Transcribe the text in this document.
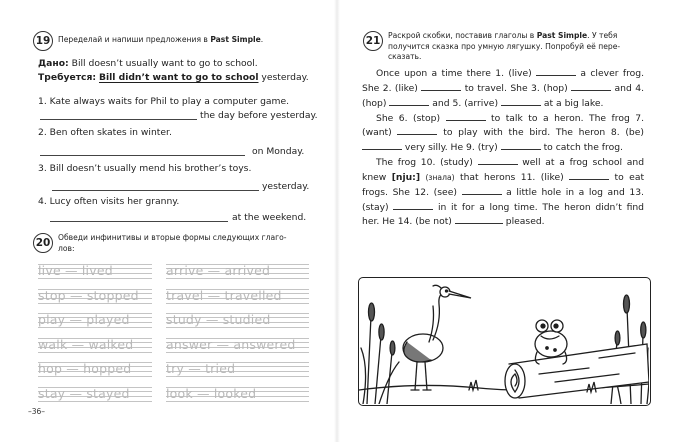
19	Переделай и напиши предложения в Past Simple.
Дано: Bill doesn’t usually want to go to school.
Требуется: Bill didn’t want to go to school yesterday.
1. Kate always waits for Phil to play a computer game.
the day before yesterday.
2. Ben often skates in winter.
on Monday.
3. Bill doesn’t usually mend his brother’s toys.
yesterday.
4. Lucy often visits her granny.
at the weekend.
20	Обведи инфинитивы и вторые формы следующих глаго-
лов:
live — lived
stop — stopped
play — played
walk — walked
hop — hopped
stay — stayed
arrive — arrived
travel — travelled
study — studied
answer — answered
try — tried
look — looked
–36–
21	Раскрой скобки, поставив глаголы в Past Simple. У тебя
получится сказка про умную лягушку. Попробуй её пере-
сказать.

Once upon a time there 1. (live)	a clever frog. She 2. (like)	to travel. She 3. (hop)	and 4. (hop)	and 5. (arrive)	at a big lake.

She 6. (stop)	to talk to a heron. The frog 7. (want)	to play with the bird. The heron 8. (be)  very silly. He 9. (try)	to catch the frog.

The frog 10. (study)	well at a frog school and knew [nju:] (знала) that herons 11. (like)	to eat frogs. She 12. (see)	a little hole in a log and 13. (stay)	in it for a long time. The heron didn’t find her. He 14. (be not)	pleased.
